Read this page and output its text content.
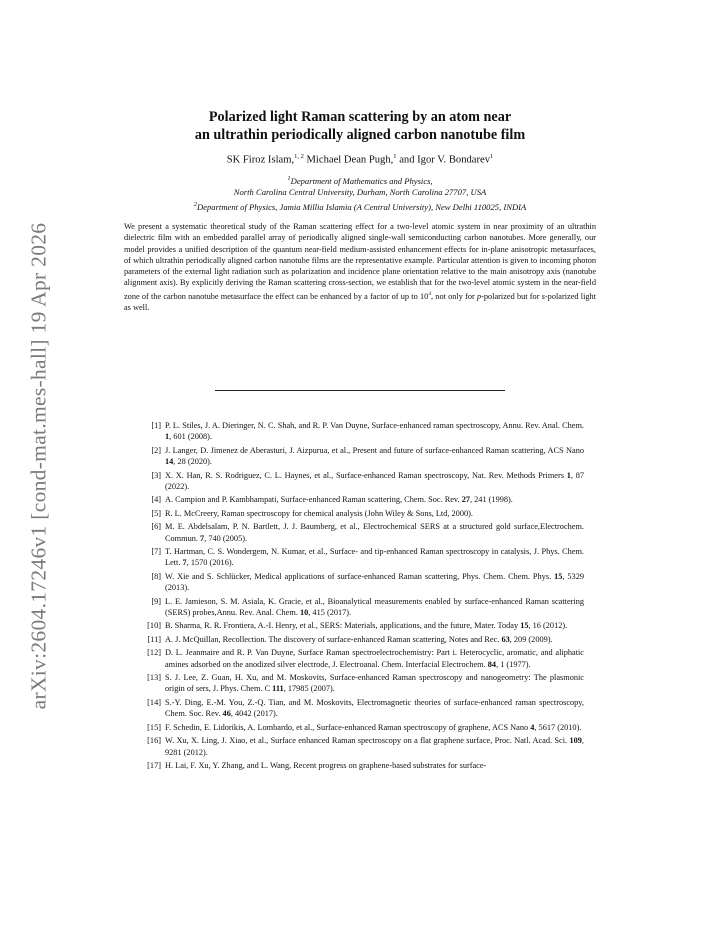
arXiv:2604.17246v1 [cond-mat.mes-hall] 19 Apr 2026
Polarized light Raman scattering by an atom near
an ultrathin periodically aligned carbon nanotube film
SK Firoz Islam,$^{1, 2}$ Michael Dean Pugh,$^1$ and Igor V. Bondarev$^1$
$^1$Department of Mathematics and Physics,
North Carolina Central University, Durham, North Carolina 27707, USA
$^2$Department of Physics, Jamia Millia Islamia (A Central University), New Delhi 110025, INDIA
We present a systematic theoretical study of the Raman scattering effect for a two-level atomic system in near proximity of an ultrathin dielectric film with an embedded parallel array of periodically aligned single-wall semiconducting carbon nanotubes. More generally, our model provides a unified description of the quantum near-field medium-assisted enhancement effects for in-plane anisotropic metasurfaces, of which ultrathin periodically aligned carbon nanotube films are the representative example. Particular attention is given to incoming photon parameters of the external light radiation such as polarization and incidence plane orientation relative to the main anisotropy axis (nanotube alignment axis). By explicitly deriving the Raman scattering cross-section, we establish that for the two-level atomic system in the near-field zone of the carbon nanotube metasurface the effect can be enhanced by a factor of up to $10^4$, not only for p-polarized but for s-polarized light as well.
[1] P. L. Stiles, J. A. Dieringer, N. C. Shah, and R. P. Van Duyne, Surface-enhanced raman spectroscopy, Annu. Rev. Anal. Chem. 1, 601 (2008).
[2] J. Langer, D. Jimenez de Aberasturi, J. Aizpurua, et al., Present and future of surface-enhanced Raman scattering, ACS Nano 14, 28 (2020).
[3] X. X. Han, R. S. Rodriguez, C. L. Haynes, et al., Surface-enhanced Raman spectroscopy, Nat. Rev. Methods Primers 1, 87 (2022).
[4] A. Campion and P. Kambhampati, Surface-enhanced Raman scattering, Chem. Soc. Rev. 27, 241 (1998).
[5] R. L. McCreery, Raman spectroscopy for chemical analysis (John Wiley & Sons, Ltd, 2000).
[6] M. E. Abdelsalam, P. N. Bartlett, J. J. Baumberg, et al., Electrochemical SERS at a structured gold surface,Electrochem. Commun. 7, 740 (2005).
[7] T. Hartman, C. S. Wondergem, N. Kumar, et al., Surface- and tip-enhanced Raman spectroscopy in catalysis, J. Phys. Chem. Lett. 7, 1570 (2016).
[8] W. Xie and S. Schlücker, Medical applications of surface-enhanced Raman scattering, Phys. Chem. Chem. Phys. 15, 5329 (2013).
[9] L. E. Jamieson, S. M. Asiala, K. Gracie, et al., Bioanalytical measurements enabled by surface-enhanced Raman scattering (SERS) probes,Annu. Rev. Anal. Chem. 10, 415 (2017).
[10] B. Sharma, R. R. Frontiera, A.-I. Henry, et al., SERS: Materials, applications, and the future, Mater. Today 15, 16 (2012).
[11] A. J. McQuillan, Recollection. The discovery of surface-enhanced Raman scattering, Notes and Rec. 63, 209 (2009).
[12] D. L. Jeanmaire and R. P. Van Duyne, Surface Raman spectroelectrochemistry: Part i. Heterocyclic, aromatic, and aliphatic amines adsorbed on the anodized silver electrode, J. Electroanal. Chem. Interfacial Electrochem. 84, 1 (1977).
[13] S. J. Lee, Z. Guan, H. Xu, and M. Moskovits, Surface-enhanced Raman spectroscopy and nanogeometry: The plasmonic origin of sers, J. Phys. Chem. C 111, 17985 (2007).
[14] S.-Y. Ding, E.-M. You, Z.-Q. Tian, and M. Moskovits, Electromagnetic theories of surface-enhanced raman spectroscopy, Chem. Soc. Rev. 46, 4042 (2017).
[15] F. Schedin, E. Lidorikis, A. Lombardo, et al., Surface-enhanced Raman spectroscopy of graphene, ACS Nano 4, 5617 (2010).
[16] W. Xu, X. Ling, J. Xiao, et al., Surface enhanced Raman spectroscopy on a flat graphene surface, Proc. Natl. Acad. Sci. 109, 9281 (2012).
[17] H. Lai, F. Xu, Y. Zhang, and L. Wang, Recent progress on graphene-based substrates for surface-
